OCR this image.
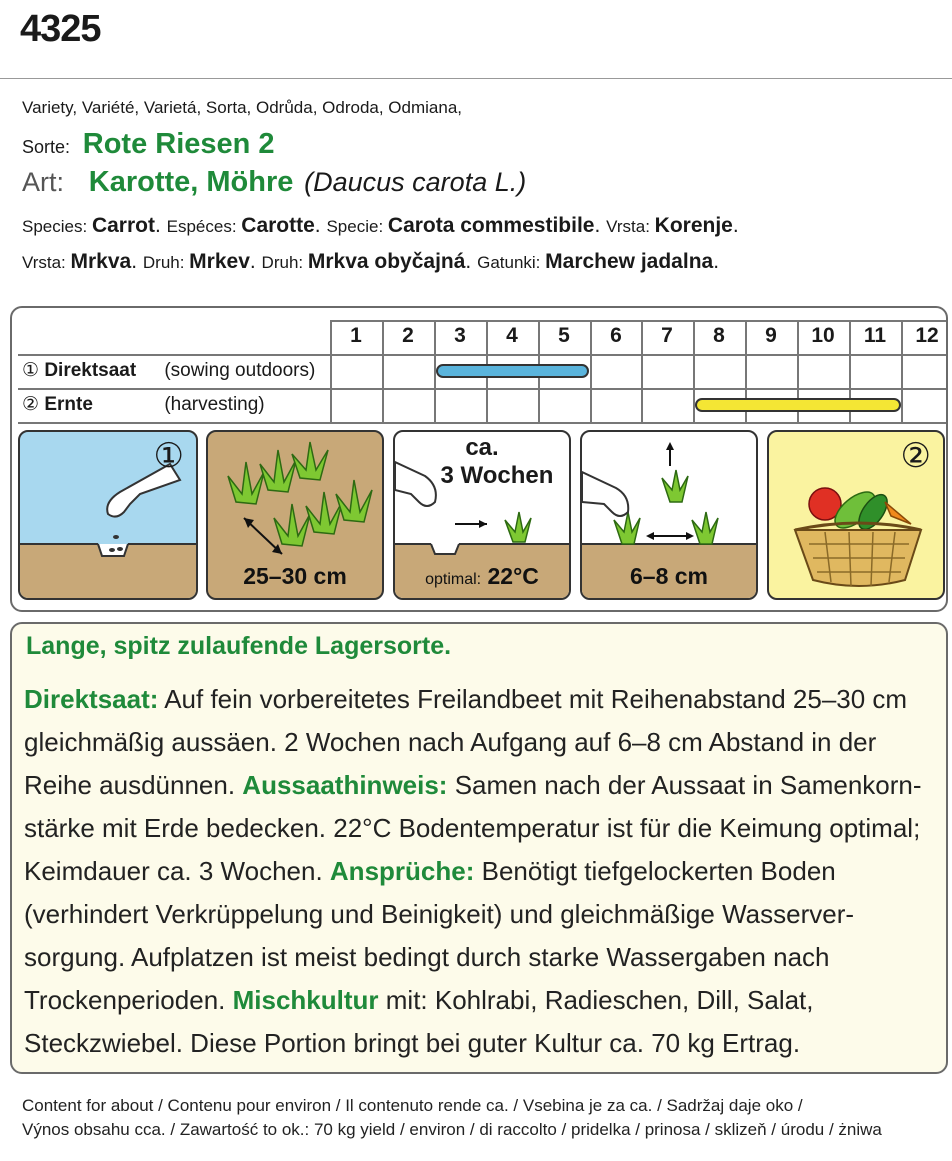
4325
Variety, Variété, Varietá, Sorta, Odrůda, Odroda, Odmiana,
Sorte: Rote Riesen 2
Art: Karotte, Möhre (Daucus carota L.)
Species: Carrot. Espéces: Carotte. Specie: Carota commestibile. Vrsta: Korenje.
Vrsta: Mrkva. Druh: Mrkev. Druh: Mrkva obyčajná. Gatunki: Marchew jadalna.
1	2	3	4	5	6	7	8	9	10	11	12
① Direktsaat (sowing outdoors)
② Ernte	(harvesting)
①
25–30 cm
ca.
3 Wochen
optimal: 22°C	6–8 cm
②
Lange, spitz zulaufende Lagersorte.
Direktsaat: Auf fein vorbereitetes Freilandbeet mit Reihenabstand 25–30 cm
gleichmäßig aussäen. 2 Wochen nach Aufgang auf 6–8 cm Abstand in der
Reihe ausdünnen. Aussaathinweis: Samen nach der Aussaat in Samenkorn-
stärke mit Erde bedecken. 22°C Bodentemperatur ist für die Keimung optimal;
Keimdauer ca. 3 Wochen. Ansprüche: Benötigt tiefgelockerten Boden
(verhindert Verkrüppelung und Beinigkeit) und gleichmäßige Wasserver-
sorgung. Aufplatzen ist meist bedingt durch starke Wassergaben nach
Trockenperioden. Mischkultur mit: Kohlrabi, Radieschen, Dill, Salat,
Steckzwiebel. Diese Portion bringt bei guter Kultur ca. 70 kg Ertrag.
Content for about / Contenu pour environ / Il contenuto rende ca. / Vsebina je za ca. / Sadržaj daje oko /
Výnos obsahu cca. / Zawartość to ok.: 70 kg yield / environ / di raccolto / pridelka / prinosa / sklizeň / úrodu / żniwa
